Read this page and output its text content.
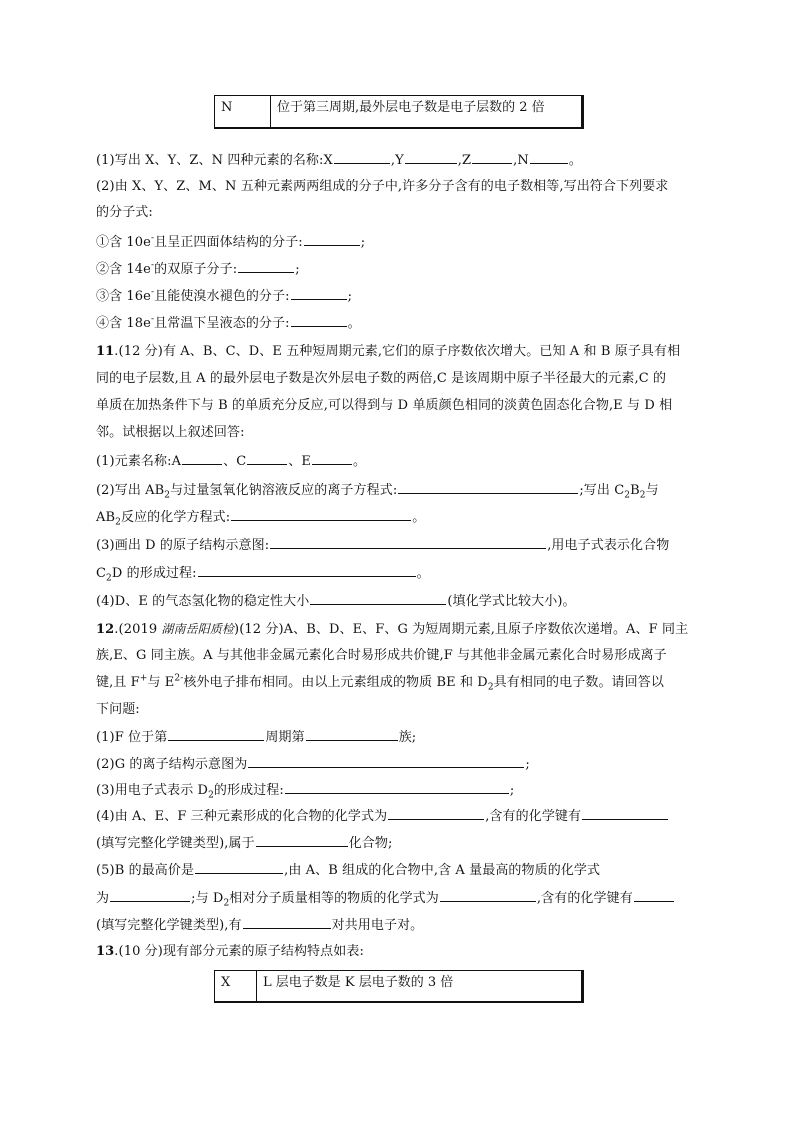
N	位于第三周期,最外层电子数是电子层数的 2 倍
(1)写出 X、Y、Z、N 四种元素的名称:X	,Y	,Z	,N	。
(2)由 X、Y、Z、M、N 五种元素两两组成的分子中,许多分子含有的电子数相等,写出符合下列要求
的分子式:
①含 10e-且呈正四面体结构的分子:	;
②含 14e-的双原子分子:	;
③含 16e-且能使溴水褪色的分子:	;
④含 18e-且常温下呈液态的分子:	。
11.(12 分)有 A、B、C、D、E 五种短周期元素,它们的原子序数依次增大。已知 A 和 B 原子具有相
同的电子层数,且 A 的最外层电子数是次外层电子数的两倍,C 是该周期中原子半径最大的元素,C 的
单质在加热条件下与 B 的单质充分反应,可以得到与 D 单质颜色相同的淡黄色固态化合物,E 与 D 相
邻。试根据以上叙述回答:
(1)元素名称:A	、C	、E	。
(2)写出 $AB_2$与过量氢氧化钠溶液反应的离子方程式:	;写出 $C_2B_2$与
$AB_2$反应的化学方程式:	。
(3)画出 D 的原子结构示意图:	,用电子式表示化合物
$C_2D$ 的形成过程:	。
(4)D、E 的气态氢化物的稳定性大小	(填化学式比较大小)。
12.(2019 湖南岳阳质检)(12 分)A、B、D、E、F、G 为短周期元素,且原子序数依次递增。A、F 同主
族,E、G 同主族。A 与其他非金属元素化合时易形成共价键,F 与其他非金属元素化合时易形成离子
键,且 F+与 $E^{2-}$核外电子排布相同。由以上元素组成的物质 BE 和 $D_2$具有相同的电子数。请回答以
下问题:
(1)F 位于第	周期第	族;
(2)G 的离子结构示意图为	;
(3)用电子式表示 $D_2$的形成过程:	;
(4)由 A、E、F 三种元素形成的化合物的化学式为	,含有的化学键有
(填写完整化学键类型),属于	化合物;
(5)B 的最高价是	,由 A、B 组成的化合物中,含 A 量最高的物质的化学式
为	;与 $D_2$相对分子质量相等的物质的化学式为	,含有的化学键有
(填写完整化学键类型),有	对共用电子对。
13.(10 分)现有部分元素的原子结构特点如表:
X	L 层电子数是 K 层电子数的 3 倍
